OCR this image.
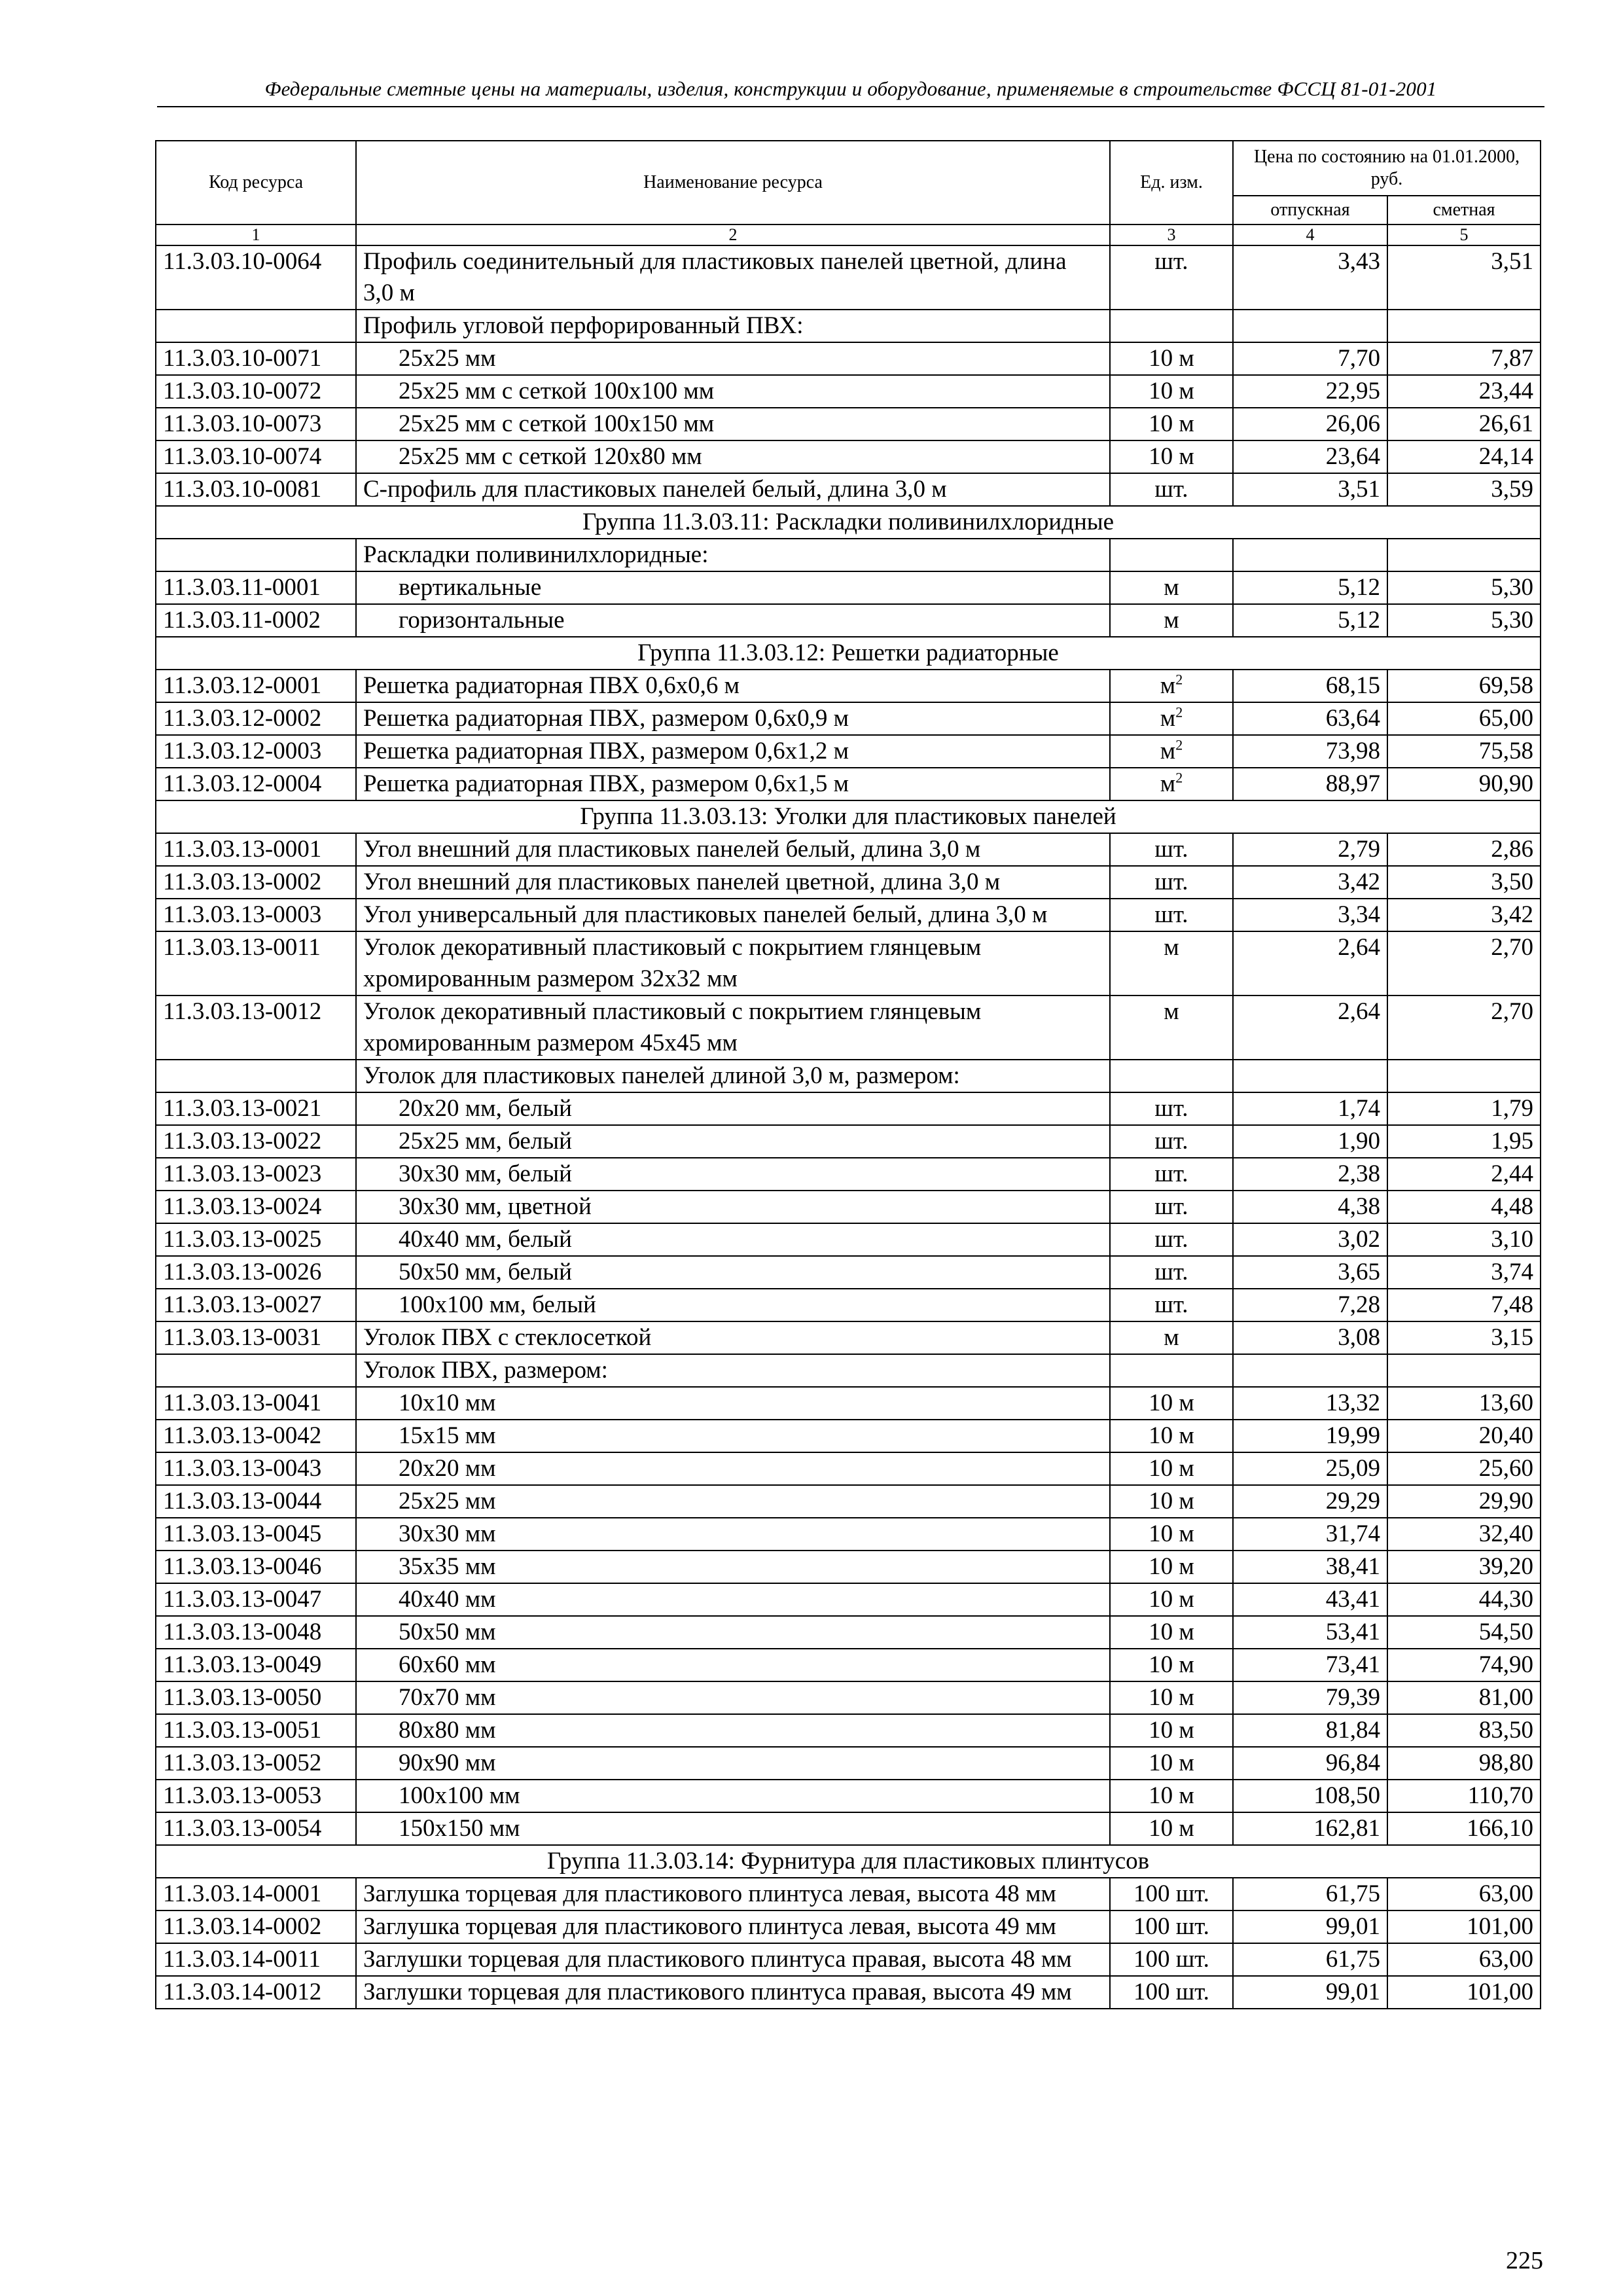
Федеральные сметные цены на материалы, изделия, конструкции и оборудование, применяемые в строительстве ФССЦ 81-01-2001
Код ресурса	Наименование ресурса	Ед. изм.	Цена по состоянию на 01.01.2000, руб.	
			отпускная	сметная
1	2	3	4	5
11.3.03.10-0064	Профиль соединительный для пластиковых панелей цветной, длина 3,0 м	шт.	3,43	3,51
	Профиль угловой перфорированный ПВХ:			
11.3.03.10-0071	25х25 мм	10 м	7,70	7,87
11.3.03.10-0072	25х25 мм с сеткой 100х100 мм	10 м	22,95	23,44
11.3.03.10-0073	25х25 мм с сеткой 100х150 мм	10 м	26,06	26,61
11.3.03.10-0074	25х25 мм с сеткой 120х80 мм	10 м	23,64	24,14
11.3.03.10-0081	С-профиль для пластиковых панелей белый, длина 3,0 м	шт.	3,51	3,59
Группа 11.3.03.11: Раскладки поливинилхлоридные				
	Раскладки поливинилхлоридные:			
11.3.03.11-0001	вертикальные	м	5,12	5,30
11.3.03.11-0002	горизонтальные	м	5,12	5,30
Группа 11.3.03.12: Решетки радиаторные				
11.3.03.12-0001	Решетка радиаторная ПВХ 0,6х0,6 м	$м^2$	68,15	69,58
11.3.03.12-0002	Решетка радиаторная ПВХ, размером 0,6х0,9 м	$м^2$	63,64	65,00
11.3.03.12-0003	Решетка радиаторная ПВХ, размером 0,6х1,2 м	$м^2$	73,98	75,58
11.3.03.12-0004	Решетка радиаторная ПВХ, размером 0,6х1,5 м	$м^2$	88,97	90,90
Группа 11.3.03.13: Уголки для пластиковых панелей				
11.3.03.13-0001	Угол внешний для пластиковых панелей белый, длина 3,0 м	шт.	2,79	2,86
11.3.03.13-0002	Угол внешний для пластиковых панелей цветной, длина 3,0 м	шт.	3,42	3,50
11.3.03.13-0003	Угол универсальный для пластиковых панелей белый, длина 3,0 м	шт.	3,34	3,42
11.3.03.13-0011	Уголок декоративный пластиковый с покрытием глянцевым хромированным размером 32х32 мм	м	2,64	2,70
11.3.03.13-0012	Уголок декоративный пластиковый с покрытием глянцевым хромированным размером 45х45 мм	м	2,64	2,70
	Уголок для пластиковых панелей длиной 3,0 м, размером:			
11.3.03.13-0021	20х20 мм, белый	шт.	1,74	1,79
11.3.03.13-0022	25х25 мм, белый	шт.	1,90	1,95
11.3.03.13-0023	30х30 мм, белый	шт.	2,38	2,44
11.3.03.13-0024	30х30 мм, цветной	шт.	4,38	4,48
11.3.03.13-0025	40х40 мм, белый	шт.	3,02	3,10
11.3.03.13-0026	50х50 мм, белый	шт.	3,65	3,74
11.3.03.13-0027	100х100 мм, белый	шт.	7,28	7,48
11.3.03.13-0031	Уголок ПВХ с стеклосеткой	м	3,08	3,15
	Уголок ПВХ, размером:			
11.3.03.13-0041	10х10 мм	10 м	13,32	13,60
11.3.03.13-0042	15х15 мм	10 м	19,99	20,40
11.3.03.13-0043	20х20 мм	10 м	25,09	25,60
11.3.03.13-0044	25х25 мм	10 м	29,29	29,90
11.3.03.13-0045	30х30 мм	10 м	31,74	32,40
11.3.03.13-0046	35х35 мм	10 м	38,41	39,20
11.3.03.13-0047	40х40 мм	10 м	43,41	44,30
11.3.03.13-0048	50х50 мм	10 м	53,41	54,50
11.3.03.13-0049	60х60 мм	10 м	73,41	74,90
11.3.03.13-0050	70х70 мм	10 м	79,39	81,00
11.3.03.13-0051	80х80 мм	10 м	81,84	83,50
11.3.03.13-0052	90х90 мм	10 м	96,84	98,80
11.3.03.13-0053	100х100 мм	10 м	108,50	110,70
11.3.03.13-0054	150х150 мм	10 м	162,81	166,10
Группа 11.3.03.14: Фурнитура для пластиковых плинтусов				
11.3.03.14-0001	Заглушка торцевая для пластикового плинтуса левая, высота 48 мм	100 шт.	61,75	63,00
11.3.03.14-0002	Заглушка торцевая для пластикового плинтуса левая, высота 49 мм	100 шт.	99,01	101,00
11.3.03.14-0011	Заглушки торцевая для пластикового плинтуса правая, высота 48 мм	100 шт.	61,75	63,00
11.3.03.14-0012	Заглушки торцевая для пластикового плинтуса правая, высота 49 мм	100 шт.	99,01	101,00
225
